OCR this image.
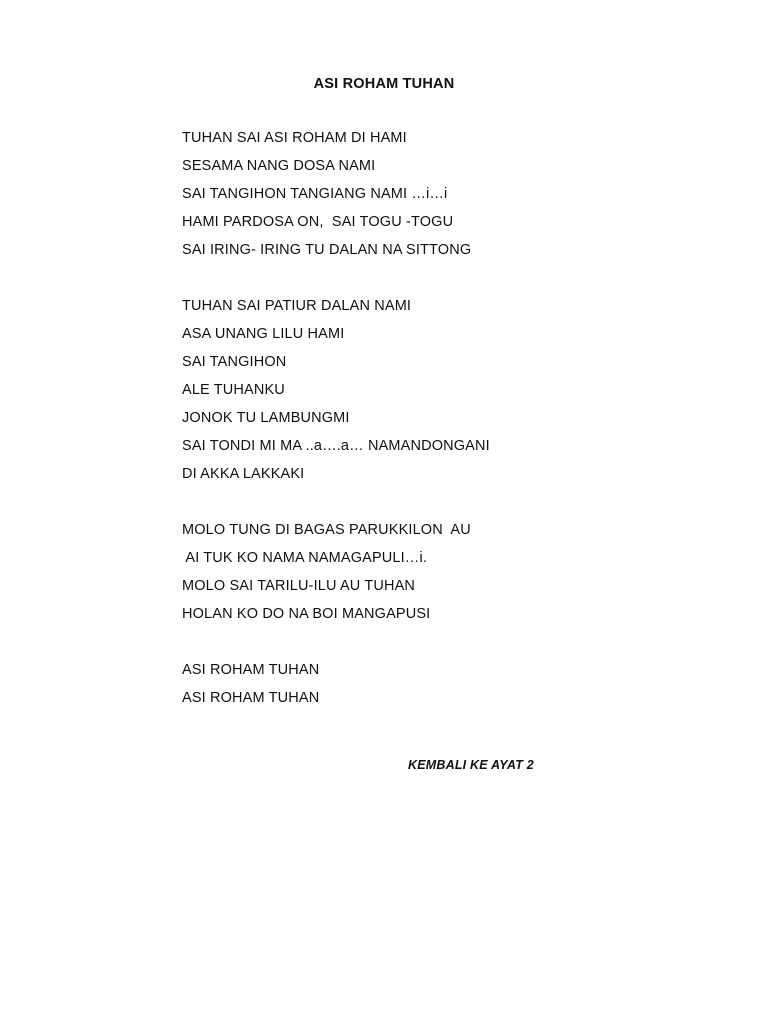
ASI ROHAM TUHAN
TUHAN SAI ASI ROHAM DI HAMI
SESAMA NANG DOSA NAMI
SAI TANGIHON TANGIANG NAMI …i…i
HAMI PARDOSA ON,  SAI TOGU -TOGU
SAI IRING- IRING TU DALAN NA SITTONG
TUHAN SAI PATIUR DALAN NAMI
ASA UNANG LILU HAMI
SAI TANGIHON
ALE TUHANKU
JONOK TU LAMBUNGMI
SAI TONDI MI MA ..a….a… NAMANDONGANI
DI AKKA LAKKAKI
MOLO TUNG DI BAGAS PARUKKILON  AU
AI TUK KO NAMA NAMAGAPULI…i.
MOLO SAI TARILU-ILU AU TUHAN
HOLAN KO DO NA BOI MANGAPUSI
ASI ROHAM TUHAN
ASI ROHAM TUHAN
KEMBALI KE AYAT 2
